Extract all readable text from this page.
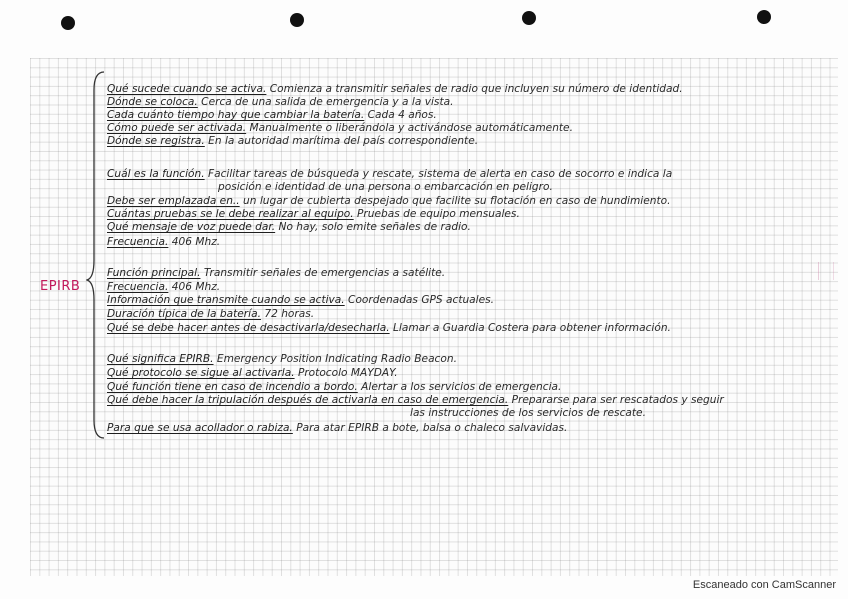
EPIRB
Qué sucede cuando se activa. Comienza a transmitir señales de radio que incluyen su número de identidad.
Dónde se coloca. Cerca de una salida de emergencia y a la vista.
Cada cuánto tiempo hay que cambiar la batería. Cada 4 años.
Cómo puede ser activada. Manualmente o liberándola y activándose automáticamente.
Dónde se registra. En la autoridad marítima del país correspondiente.
Cuál es la función. Facilitar tareas de búsqueda y rescate, sistema de alerta en caso de socorro e indica la
posición e identidad de una persona o embarcación en peligro.
Debe ser emplazada en.. un lugar de cubierta despejado que facilite su flotación en caso de hundimiento.
Cuántas pruebas se le debe realizar al equipo. Pruebas de equipo mensuales.
Qué mensaje de voz puede dar. No hay, solo emite señales de radio.
Frecuencia. 406 Mhz.
Función principal. Transmitir señales de emergencias a satélite.
Frecuencia. 406 Mhz.
Información que transmite cuando se activa. Coordenadas GPS actuales.
Duración típica de la batería. 72 horas.
Qué se debe hacer antes de desactivarla/desecharla. Llamar a Guardia Costera para obtener información.
Qué significa EPIRB. Emergency Position Indicating Radio Beacon.
Qué protocolo se sigue al activarla. Protocolo MAYDAY.
Qué función tiene en caso de incendio a bordo. Alertar a los servicios de emergencia.
Qué debe hacer la tripulación después de activarla en caso de emergencia. Prepararse para ser rescatados y seguir
las instrucciones de los servicios de rescate.
Para que se usa acollador o rabiza. Para atar EPIRB a bote, balsa o chaleco salvavidas.
Escaneado con CamScanner
